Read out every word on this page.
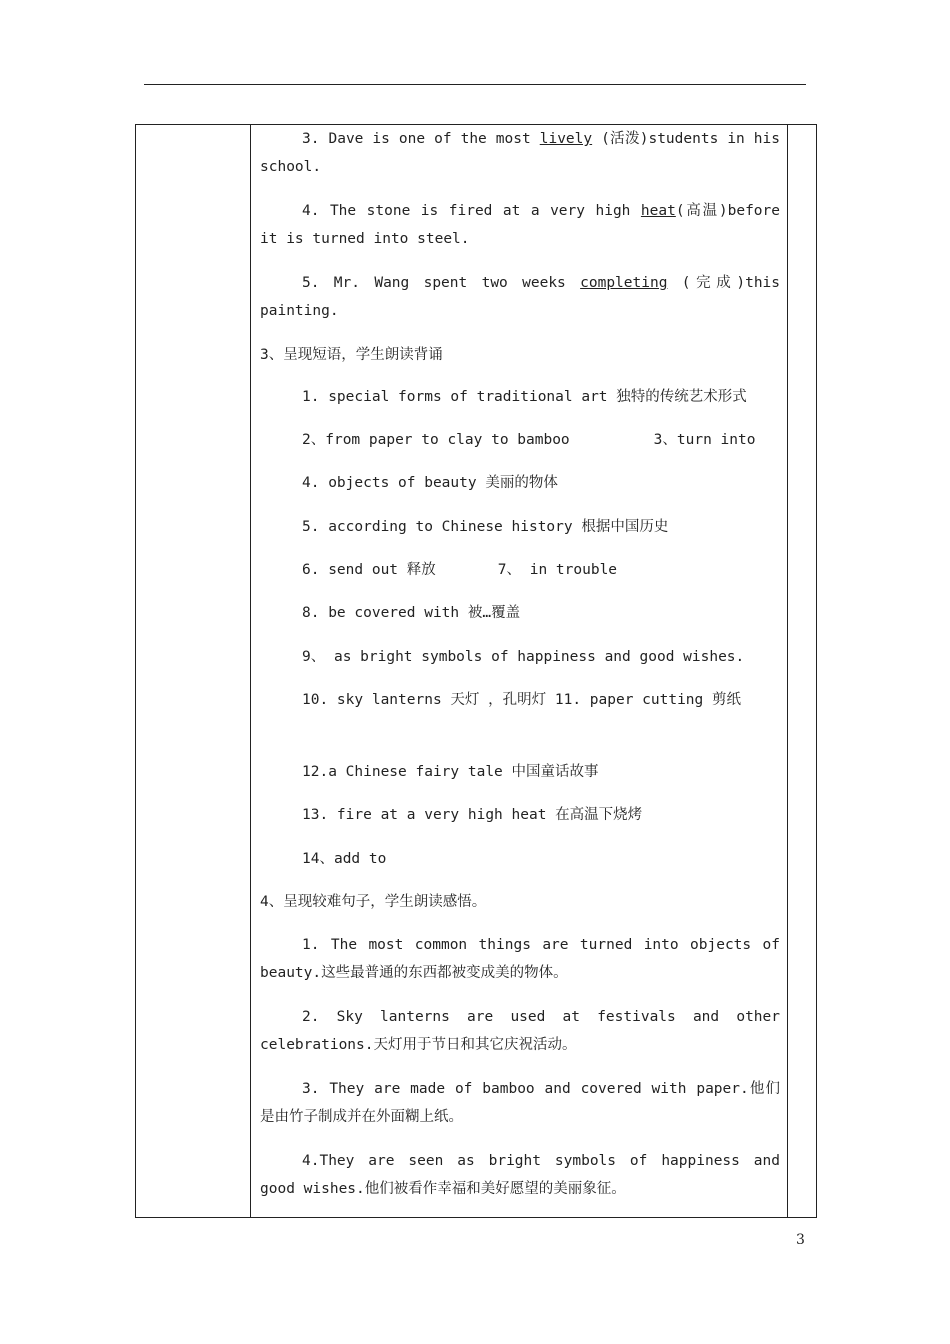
3. Dave is one of the most lively (活泼)students in his school.
4. The stone is fired at a very high heat(高温)before it is turned into steel.
5. Mr. Wang spent two weeks completing (完成)this painting.
3、呈现短语，学生朗读背诵
1. special forms of traditional art 独特的传统艺术形式
2、from paper to clay to bamboo	3、turn into
4. objects of beauty 美丽的物体
5. according to Chinese history 根据中国历史
6. send out 释放	7、 in trouble
8. be covered with 被…覆盖
9、 as bright symbols of happiness and good wishes.
10. sky lanterns 天灯 ，孔明灯 11. paper cutting 剪纸
12.a Chinese fairy tale 中国童话故事
13. fire at a very high heat 在高温下烧烤
14、add to
4、呈现较难句子，学生朗读感悟。
1. The most common things are turned into objects of beauty.这些最普通的东西都被变成美的物体。
2. Sky lanterns are used at festivals and other celebrations.天灯用于节日和其它庆祝活动。
3. They are made of bamboo and covered with paper.他们是由竹子制成并在外面糊上纸。
4.They are seen as bright symbols of happiness and good wishes.他们被看作幸福和美好愿望的美丽象征。
3
